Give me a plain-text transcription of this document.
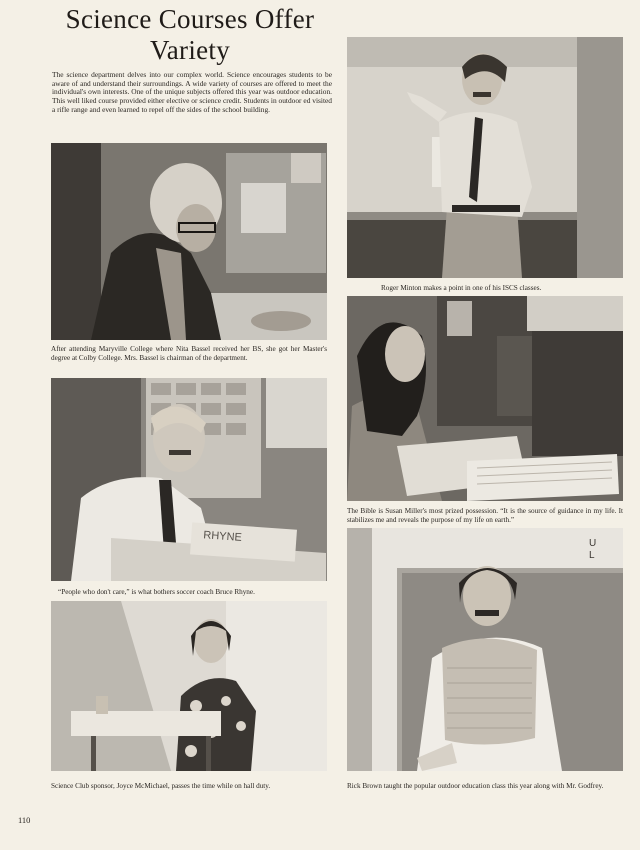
Science Courses Offer
Variety
The science department delves into our complex world. Science encourages students to be aware of and understand their surroundings. A wide variety of courses are offered to meet the individual's own interests. One of the unique subjects offered this year was outdoor education. This well liked course provided either elective or science credit. Students in outdoor ed visited a rifle range and even learned to repel off the sides of the school building.
After attending Maryville College where Nita Bassel received her BS, she got her Master's degree at Colby College. Mrs. Bassel is chairman of the department.
RHYNE
“People who don't care,” is what bothers soccer coach Bruce Rhyne.
Science Club sponsor, Joyce McMichael, passes the time while on hall duty.
Roger Minton makes a point in one of his ISCS classes.
The Bible is Susan Miller's most prized possession. “It is the source of guidance in my life. It stabilizes me and reveals the purpose of my life on earth.”
U
L
Rick Brown taught the popular outdoor education class this year along with Mr. Godfrey.
110
